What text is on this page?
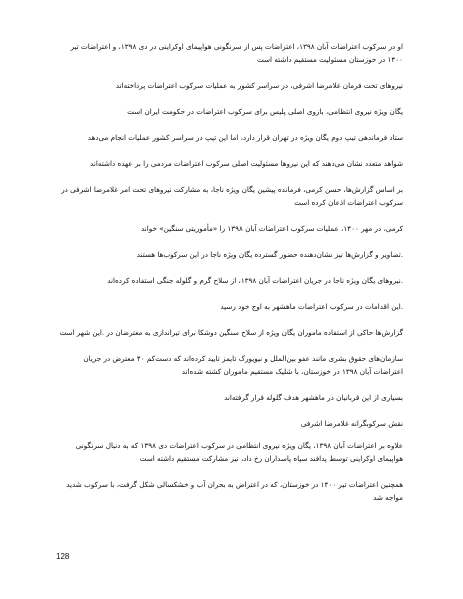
او در سرکوب اعتراضات آبان ۱۳۹۸، اعتراضات پس از سرنگونی هواپیمای اوکراینی در دی ۱۳۹۸، و اعتراضات تیر ۱۴۰۰ در خوزستان مسئولیت مستقیم داشته است

نیروهای تحت فرمان غلامرضا اشرفی، در سراسر کشور به عملیات سرکوب اعتراضات پرداخته‌اند

یگان ویژه نیروی انتظامی، بازوی اصلی پلیس برای سرکوب اعتراضات در حکومت ایران است

ستاد فرماندهی تیپ دوم یگان ویژه در تهران قرار دارد، اما این تیپ در سراسر کشور عملیات انجام می‌دهد

شواهد متعدد نشان می‌دهند که این نیروها مسئولیت اصلی سرکوب اعتراضات مردمی را بر عهده داشته‌اند

بر اساس گزارش‌ها، حسن کرمی، فرمانده پیشین یگان ویژه ناجا، به مشارکت نیروهای تحت امر غلامرضا اشرفی در سرکوب اعتراضات اذعان کرده است

کرمی، در مهر ۱۴۰۰، عملیات سرکوب اعتراضات آبان ۱۳۹۸ را «مأموریتی سنگین» خواند

.تصاویر و گزارش‌ها نیز نشان‌دهنده حضور گسترده یگان ویژه ناجا در این سرکوب‌ها هستند

.نیروهای یگان ویژه ناجا در جریان اعتراضات آبان ۱۳۹۸، از سلاح گرم و گلوله جنگی استفاده کرده‌اند

.این اقدامات در سرکوب اعتراضات ماهشهر به اوج خود رسید

گزارش‌ها حاکی از استفاده ماموران یگان ویژه از سلاح سنگین دوشکا برای تیراندازی به معترضان در .این شهر است

سازمان‌های حقوق بشری مانند عفو بین‌الملل و نیویورک تایمز تایید کرده‌اند که دست‌کم ۴۰ معترض در جریان اعتراضات آبان ۱۳۹۸ در خوزستان، با شلیک مستقیم ماموران کشته شده‌اند

بسیاری از این قربانیان در ماهشهر هدف گلوله قرار گرفته‌اند

نقش سرکوبگرانه غلامرضا اشرفی

علاوه بر اعتراضات آبان ۱۳۹۸، یگان ویژه نیروی انتظامی در سرکوب اعتراضات دی ۱۳۹۸ که به دنبال سرنگونی هواپیمای اوکراینی توسط پدافند سپاه پاسداران رخ داد، نیز مشارکت مستقیم داشته است

همچنین اعتراضات تیر ۱۴۰۰ در خوزستان، که در اعتراض به بحران آب و خشکسالی شکل گرفت، با سرکوب شدید مواجه شد

128
